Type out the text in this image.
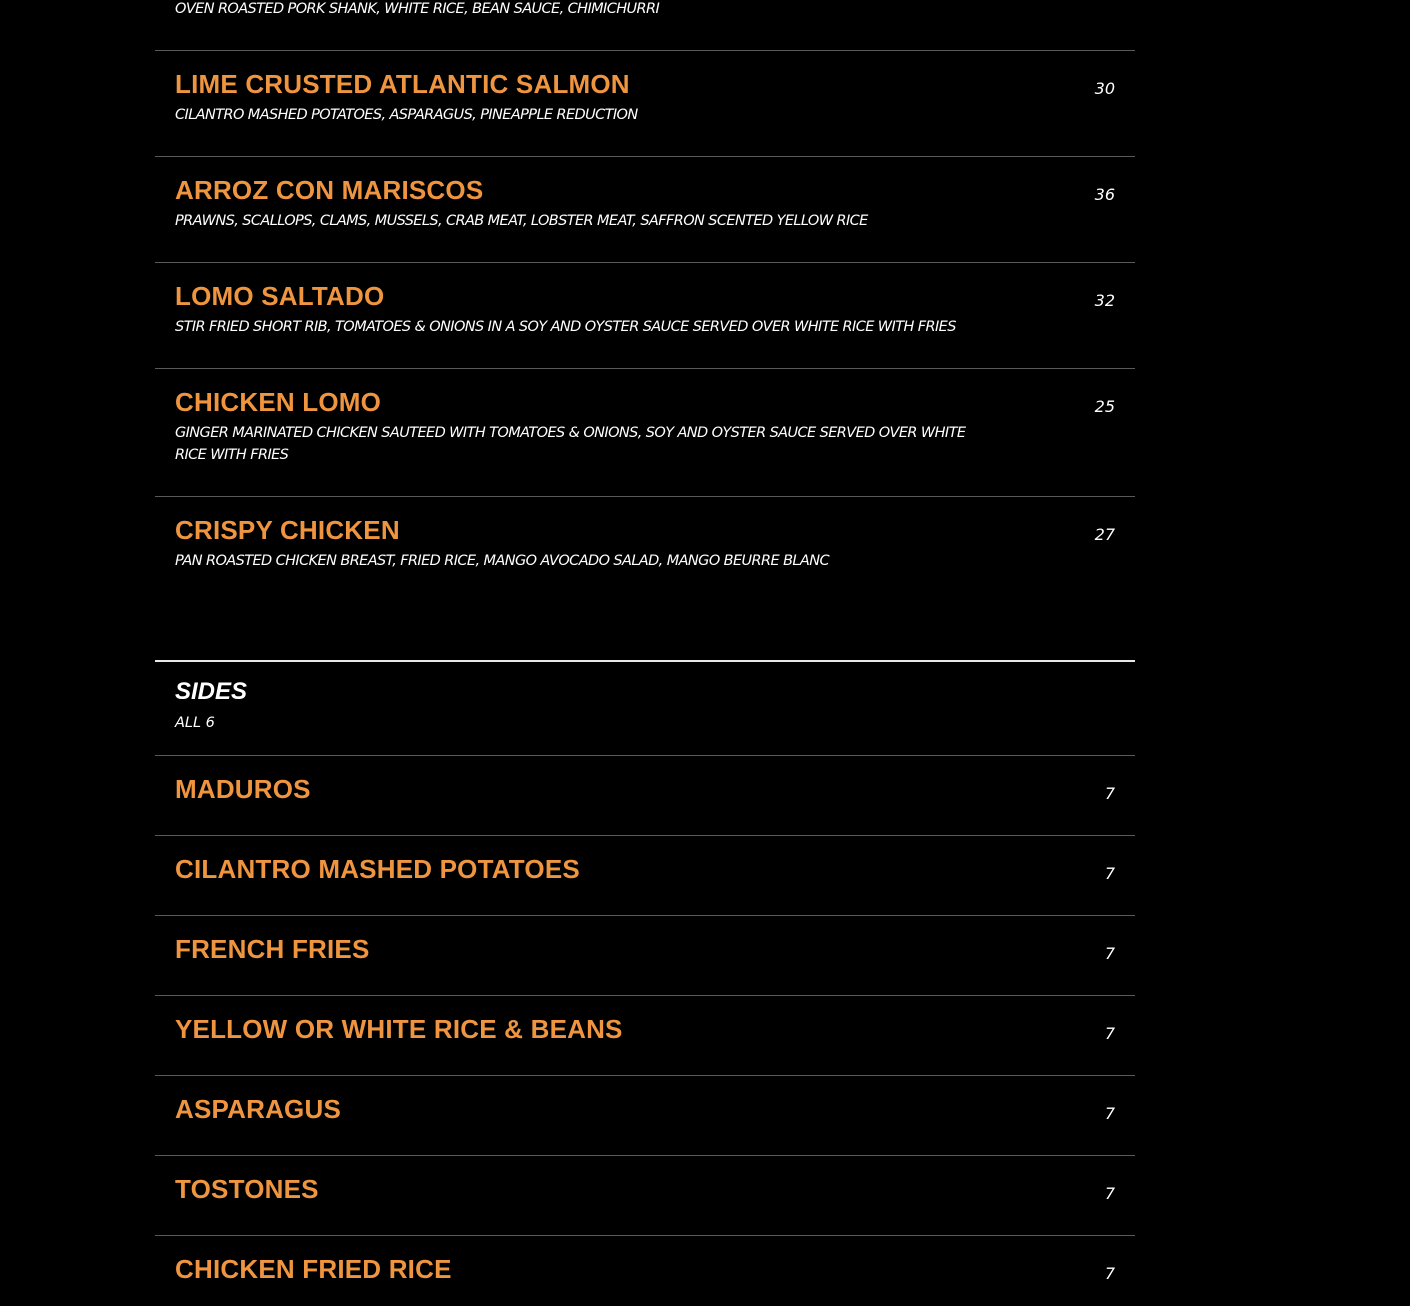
OVEN ROASTED PORK SHANK, WHITE RICE, BEAN SAUCE, CHIMICHURRI
LIME CRUSTED ATLANTIC SALMON
CILANTRO MASHED POTATOES, ASPARAGUS, PINEAPPLE REDUCTION
30
ARROZ CON MARISCOS
PRAWNS, SCALLOPS, CLAMS, MUSSELS, CRAB MEAT, LOBSTER MEAT, SAFFRON SCENTED YELLOW RICE
36
LOMO SALTADO
STIR FRIED SHORT RIB, TOMATOES & ONIONS IN A SOY AND OYSTER SAUCE SERVED OVER WHITE RICE WITH FRIES
32
CHICKEN LOMO
GINGER MARINATED CHICKEN SAUTEED WITH TOMATOES & ONIONS, SOY AND OYSTER SAUCE SERVED OVER WHITE RICE WITH FRIES
25
CRISPY CHICKEN
PAN ROASTED CHICKEN BREAST, FRIED RICE, MANGO AVOCADO SALAD, MANGO BEURRE BLANC
27
SIDES
ALL 6
MADUROS	7
CILANTRO MASHED POTATOES	7
FRENCH FRIES	7
YELLOW OR WHITE RICE & BEANS	7
ASPARAGUS	7
TOSTONES	7
CHICKEN FRIED RICE	7
